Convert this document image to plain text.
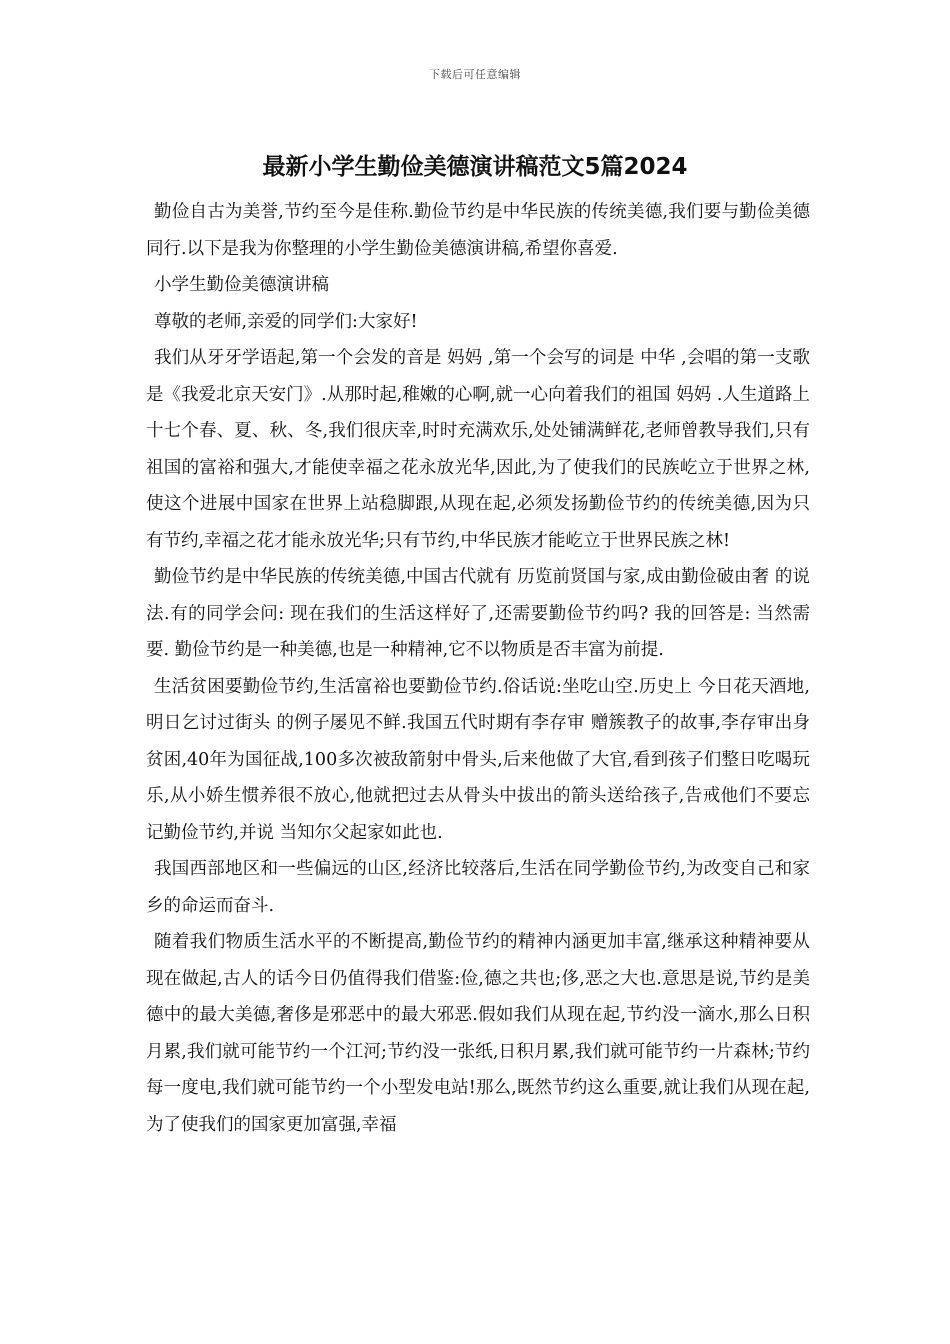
下载后可任意编辑
最新小学生勤俭美德演讲稿范文5篇2024

勤俭自古为美誉,节约至今是佳称.勤俭节约是中华民族的传统美德,我们要与勤俭美德同行.以下是我为你整理的小学生勤俭美德演讲稿,希望你喜爱.

小学生勤俭美德演讲稿

尊敬的老师,亲爱的同学们:大家好!

我们从牙牙学语起,第一个会发的音是 妈妈 ,第一个会写的词是 中华 ,会唱的第一支歌是《我爱北京天安门》.从那时起,稚嫩的心啊,就一心向着我们的祖国 妈妈 .人生道路上十七个春、夏、秋、冬,我们很庆幸,时时充满欢乐,处处铺满鲜花,老师曾教导我们,只有祖国的富裕和强大,才能使幸福之花永放光华,因此,为了使我们的民族屹立于世界之林,使这个进展中国家在世界上站稳脚跟,从现在起,必须发扬勤俭节约的传统美德,因为只有节约,幸福之花才能永放光华;只有节约,中华民族才能屹立于世界民族之林!

勤俭节约是中华民族的传统美德,中国古代就有 历览前贤国与家,成由勤俭破由奢 的说法.有的同学会问: 现在我们的生活这样好了,还需要勤俭节约吗? 我的回答是: 当然需要. 勤俭节约是一种美德,也是一种精神,它不以物质是否丰富为前提.

生活贫困要勤俭节约,生活富裕也要勤俭节约.俗话说:坐吃山空.历史上 今日花天酒地,明日乞讨过街头 的例子屡见不鲜.我国五代时期有李存审 赠簇教子的故事,李存审出身贫困,40年为国征战,100多次被敌箭射中骨头,后来他做了大官,看到孩子们整日吃喝玩乐,从小娇生惯养很不放心,他就把过去从骨头中拔出的箭头送给孩子,告戒他们不要忘记勤俭节约,并说 当知尔父起家如此也.

我国西部地区和一些偏远的山区,经济比较落后,生活在同学勤俭节约,为改变自己和家乡的命运而奋斗.

随着我们物质生活水平的不断提高,勤俭节约的精神内涵更加丰富,继承这种精神要从现在做起,古人的话今日仍值得我们借鉴:俭,德之共也;侈,恶之大也.意思是说,节约是美德中的最大美德,奢侈是邪恶中的最大邪恶.假如我们从现在起,节约没一滴水,那么日积月累,我们就可能节约一个江河;节约没一张纸,日积月累,我们就可能节约一片森林;节约每一度电,我们就可能节约一个小型发电站!那么,既然节约这么重要,就让我们从现在起,为了使我们的国家更加富强,幸福
